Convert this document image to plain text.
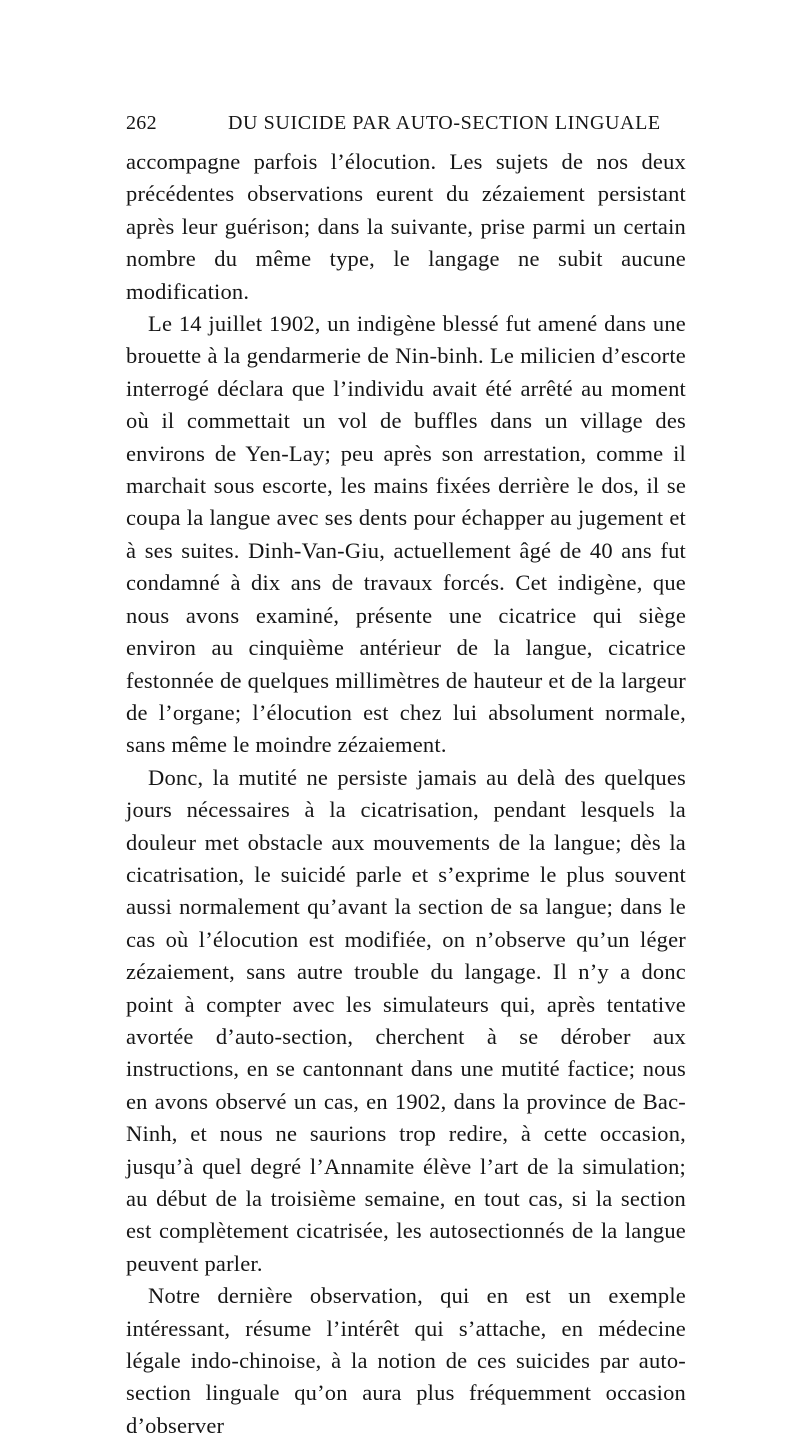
262	DU SUICIDE PAR AUTO-SECTION LINGUALE

accompagne parfois l’élocution. Les sujets de nos deux précédentes observations eurent du zézaiement persistant après leur guérison; dans la suivante, prise parmi un certain nombre du même type, le langage ne subit aucune modification.

Le 14 juillet 1902, un indigène blessé fut amené dans une brouette à la gendarmerie de Nin-binh. Le milicien d’escorte interrogé déclara que l’individu avait été arrêté au moment où il commettait un vol de buffles dans un village des environs de Yen-Lay; peu après son arrestation, comme il marchait sous escorte, les mains fixées derrière le dos, il se coupa la langue avec ses dents pour échapper au jugement et à ses suites. Dinh-Van-Giu, actuellement âgé de 40 ans fut condamné à dix ans de travaux forcés. Cet indigène, que nous avons examiné, présente une cicatrice qui siège environ au cinquième antérieur de la langue, cicatrice festonnée de quelques millimètres de hauteur et de la largeur de l’organe; l’élocution est chez lui absolument normale, sans même le moindre zézaiement.

Donc, la mutité ne persiste jamais au delà des quelques jours nécessaires à la cicatrisation, pendant lesquels la douleur met obstacle aux mouvements de la langue; dès la cicatrisation, le suicidé parle et s’exprime le plus souvent aussi normalement qu’avant la section de sa langue; dans le cas où l’élocution est modifiée, on n’observe qu’un léger zézaiement, sans autre trouble du langage. Il n’y a donc point à compter avec les simulateurs qui, après tentative avortée d’auto-section, cherchent à se dérober aux instructions, en se cantonnant dans une mutité factice; nous en avons observé un cas, en 1902, dans la province de Bac-Ninh, et nous ne saurions trop redire, à cette occasion, jusqu’à quel degré l’Annamite élève l’art de la simulation; au début de la troisième semaine, en tout cas, si la section est complètement cicatrisée, les autosectionnés de la langue peuvent parler.

Notre dernière observation, qui en est un exemple intéressant, résume l’intérêt qui s’attache, en médecine légale indo-chinoise, à la notion de ces suicides par auto-section linguale qu’on aura plus fréquemment occasion d’observer
